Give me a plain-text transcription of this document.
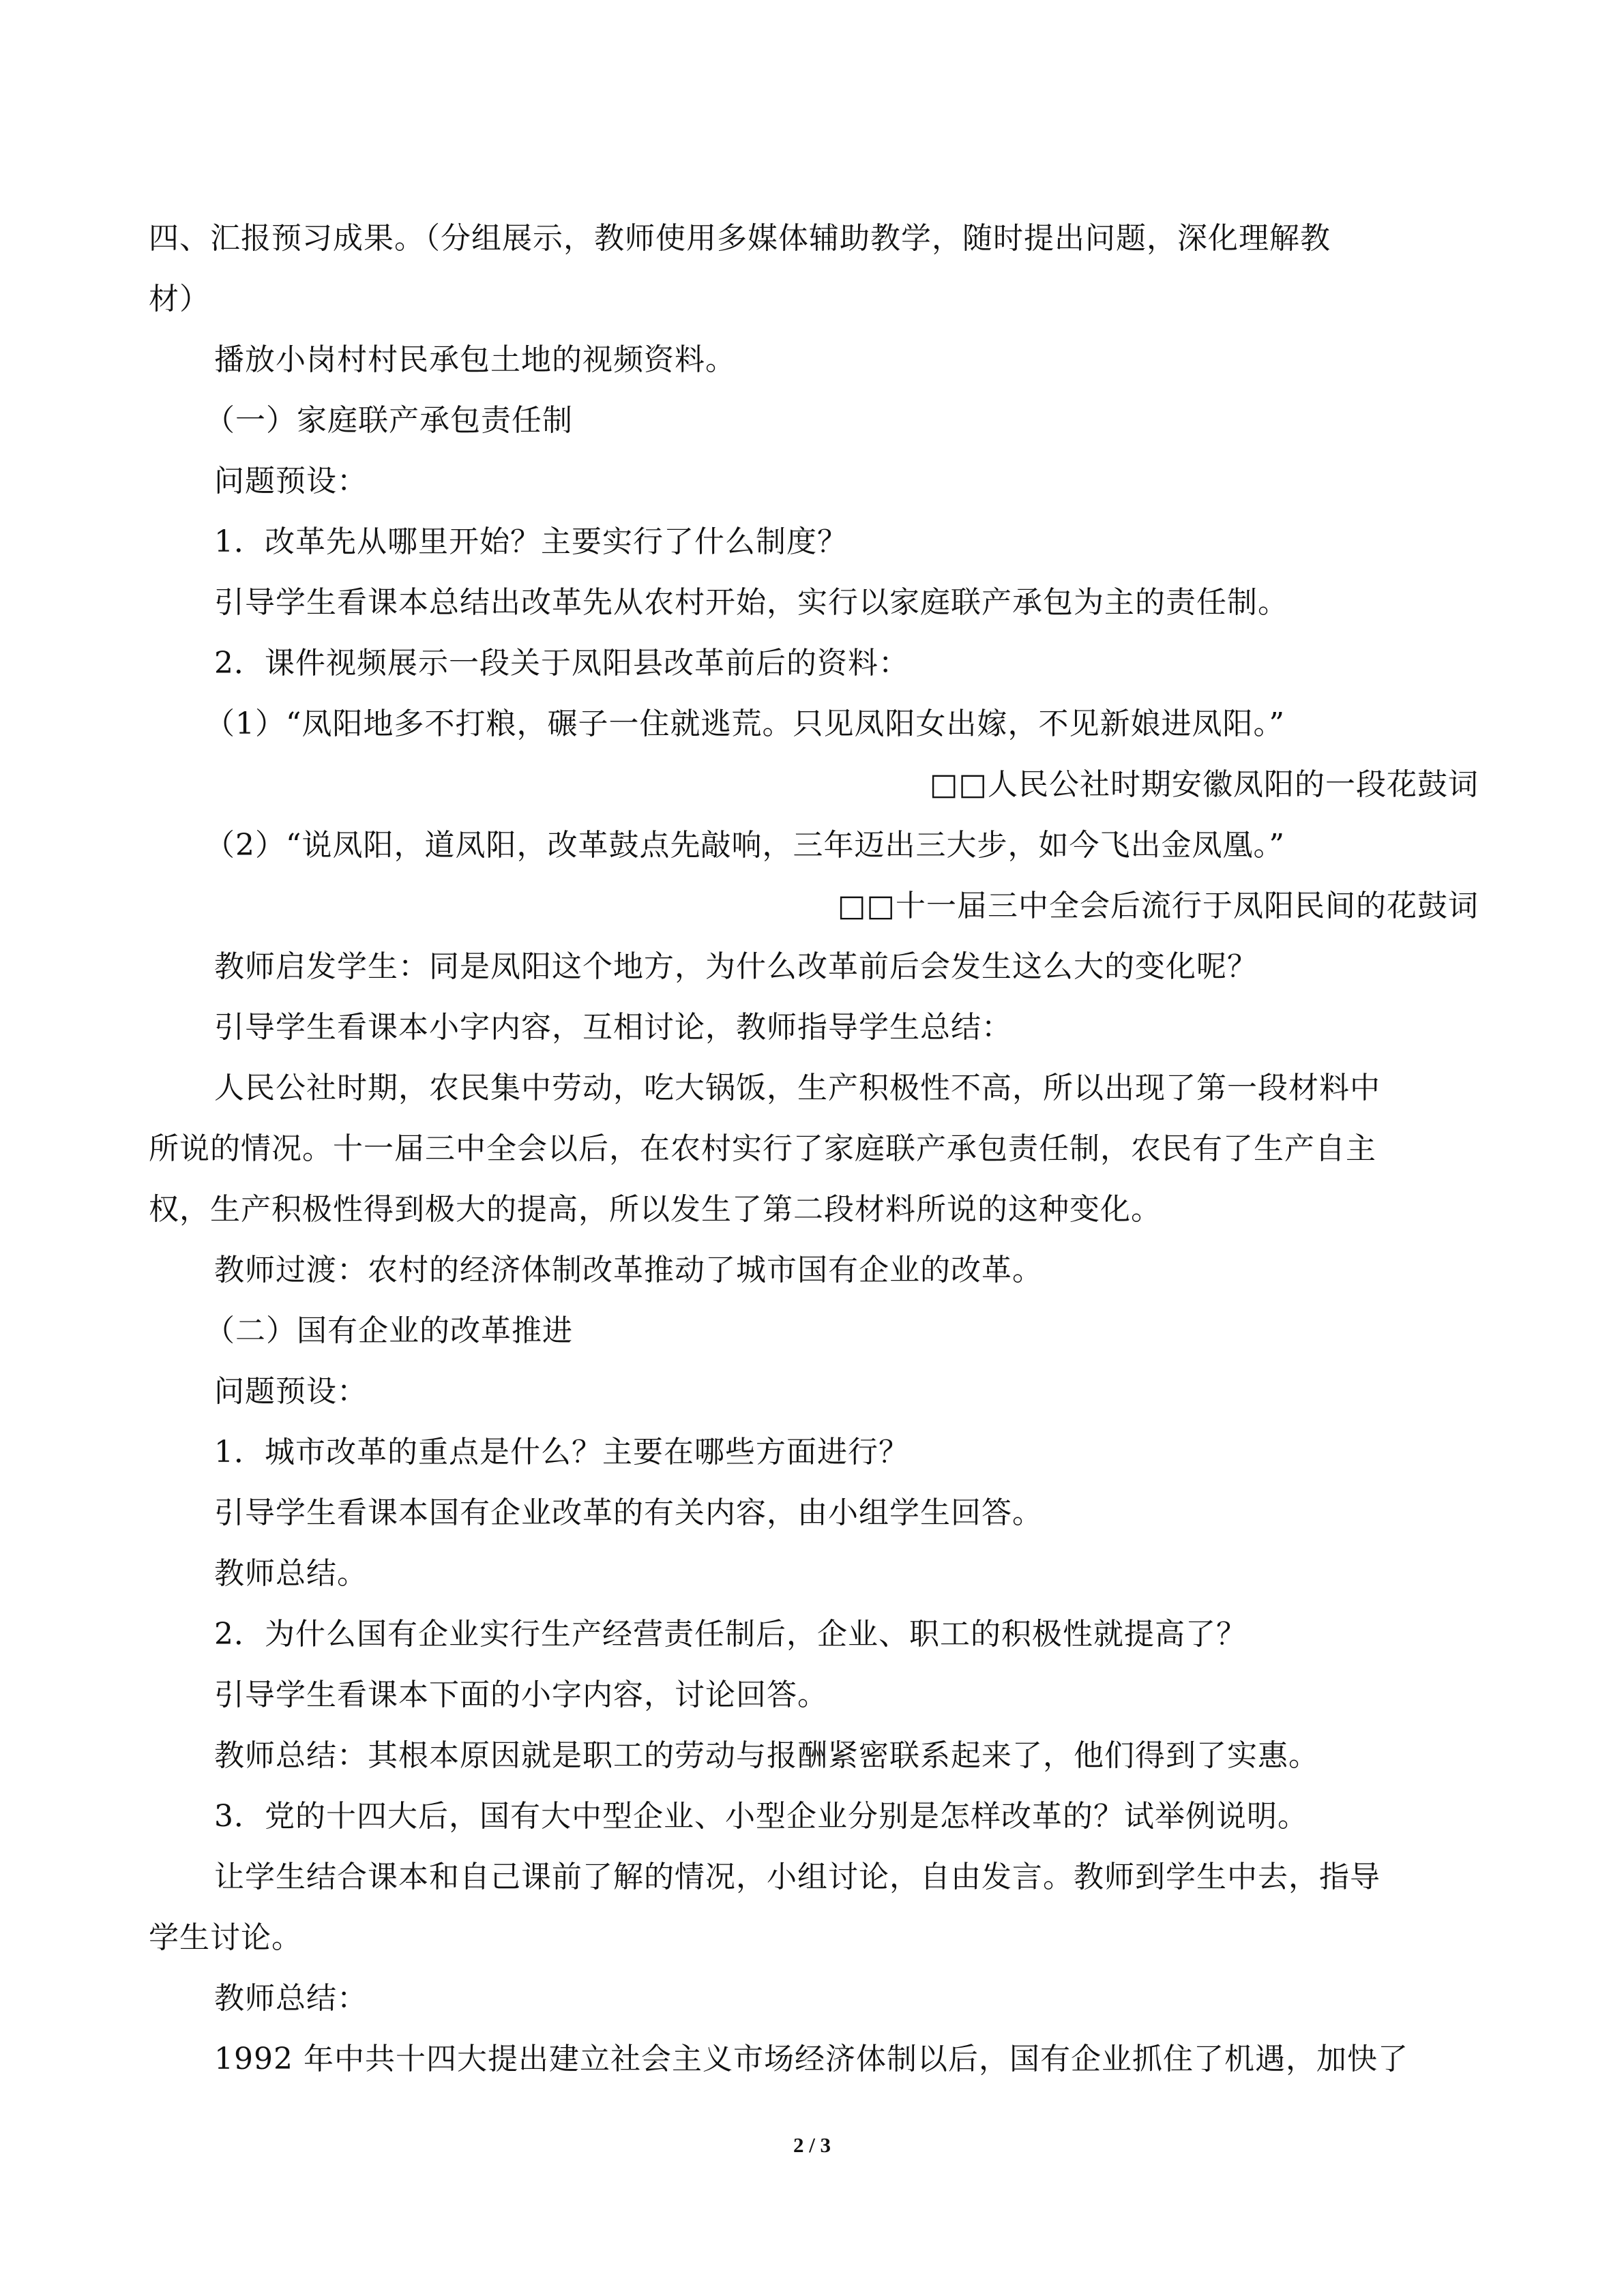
四、汇报预习成果。（分组展示，教师使用多媒体辅助教学，随时提出问题，深化理解教

材）

播放小岗村村民承包土地的视频资料。

（一）家庭联产承包责任制

问题预设：

1．改革先从哪里开始？主要实行了什么制度？

引导学生看课本总结出改革先从农村开始，实行以家庭联产承包为主的责任制。

2．课件视频展示一段关于凤阳县改革前后的资料：

（1）“凤阳地多不打粮，碾子一住就逃荒。只见凤阳女出嫁，不见新娘进凤阳。”

□□人民公社时期安徽凤阳的一段花鼓词

（2）“说凤阳，道凤阳，改革鼓点先敲响，三年迈出三大步，如今飞出金凤凰。”

□□十一届三中全会后流行于凤阳民间的花鼓词

教师启发学生：同是凤阳这个地方，为什么改革前后会发生这么大的变化呢？

引导学生看课本小字内容，互相讨论，教师指导学生总结：

人民公社时期，农民集中劳动，吃大锅饭，生产积极性不高，所以出现了第一段材料中

所说的情况。十一届三中全会以后，在农村实行了家庭联产承包责任制，农民有了生产自主

权，生产积极性得到极大的提高，所以发生了第二段材料所说的这种变化。

教师过渡：农村的经济体制改革推动了城市国有企业的改革。

（二）国有企业的改革推进

问题预设：

1．城市改革的重点是什么？主要在哪些方面进行？

引导学生看课本国有企业改革的有关内容，由小组学生回答。

教师总结。

2．为什么国有企业实行生产经营责任制后，企业、职工的积极性就提高了？

引导学生看课本下面的小字内容，讨论回答。

教师总结：其根本原因就是职工的劳动与报酬紧密联系起来了，他们得到了实惠。

3．党的十四大后，国有大中型企业、小型企业分别是怎样改革的？试举例说明。

让学生结合课本和自己课前了解的情况，小组讨论，自由发言。教师到学生中去，指导

学生讨论。

教师总结：

1992 年中共十四大提出建立社会主义市场经济体制以后，国有企业抓住了机遇，加快了

2 / 3
